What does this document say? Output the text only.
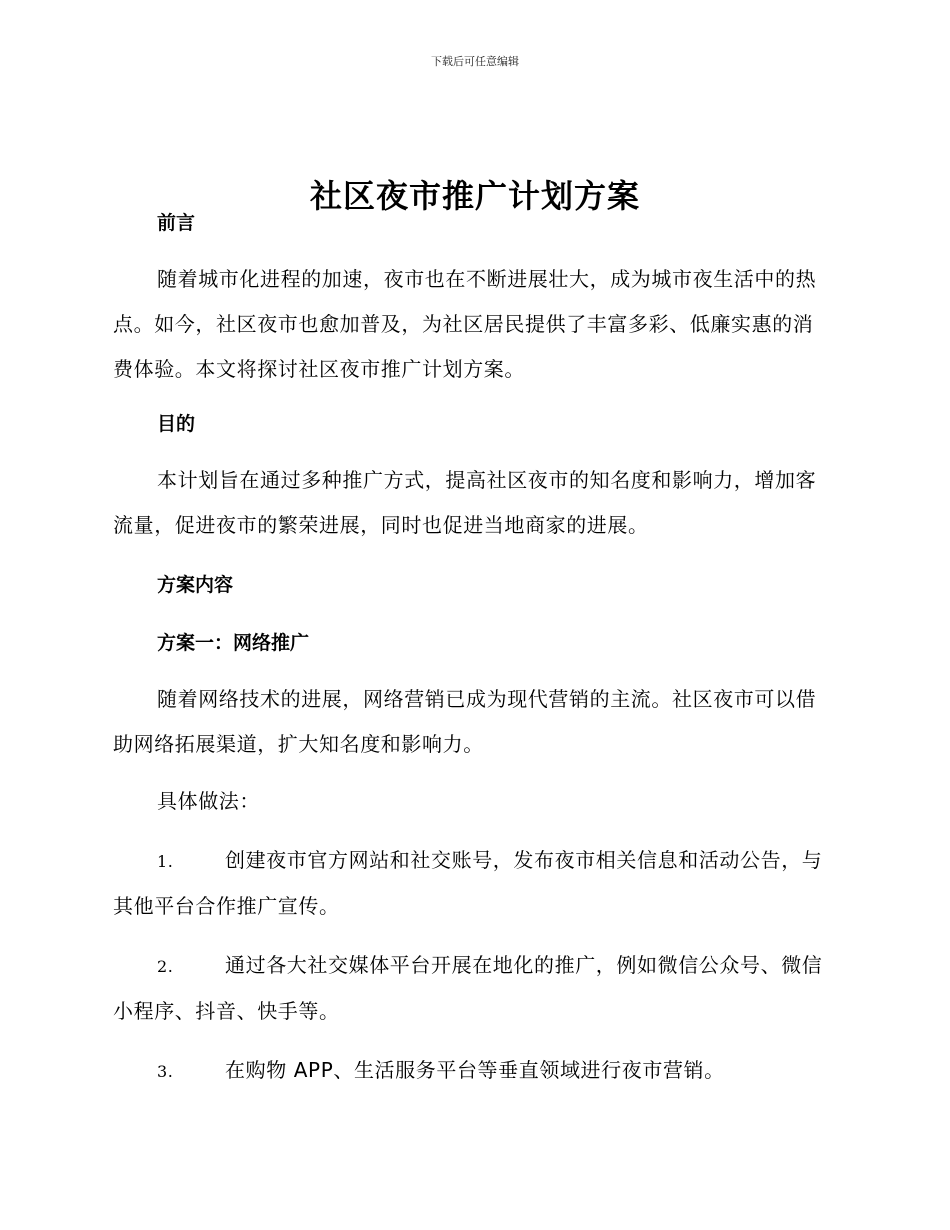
下载后可任意编辑
社区夜市推广计划方案

前言

随着城市化进程的加速，夜市也在不断进展壮大，成为城市夜生活中的热点。如今，社区夜市也愈加普及，为社区居民提供了丰富多彩、低廉实惠的消费体验。本文将探讨社区夜市推广计划方案。

目的

本计划旨在通过多种推广方式，提高社区夜市的知名度和影响力，增加客流量，促进夜市的繁荣进展，同时也促进当地商家的进展。

方案内容

方案一：网络推广

随着网络技术的进展，网络营销已成为现代营销的主流。社区夜市可以借助网络拓展渠道，扩大知名度和影响力。

具体做法：

1.	创建夜市官方网站和社交账号，发布夜市相关信息和活动公告，与其他平台合作推广宣传。

2.	通过各大社交媒体平台开展在地化的推广，例如微信公众号、微信小程序、抖音、快手等。

3.	在购物 APP、生活服务平台等垂直领域进行夜市营销。
